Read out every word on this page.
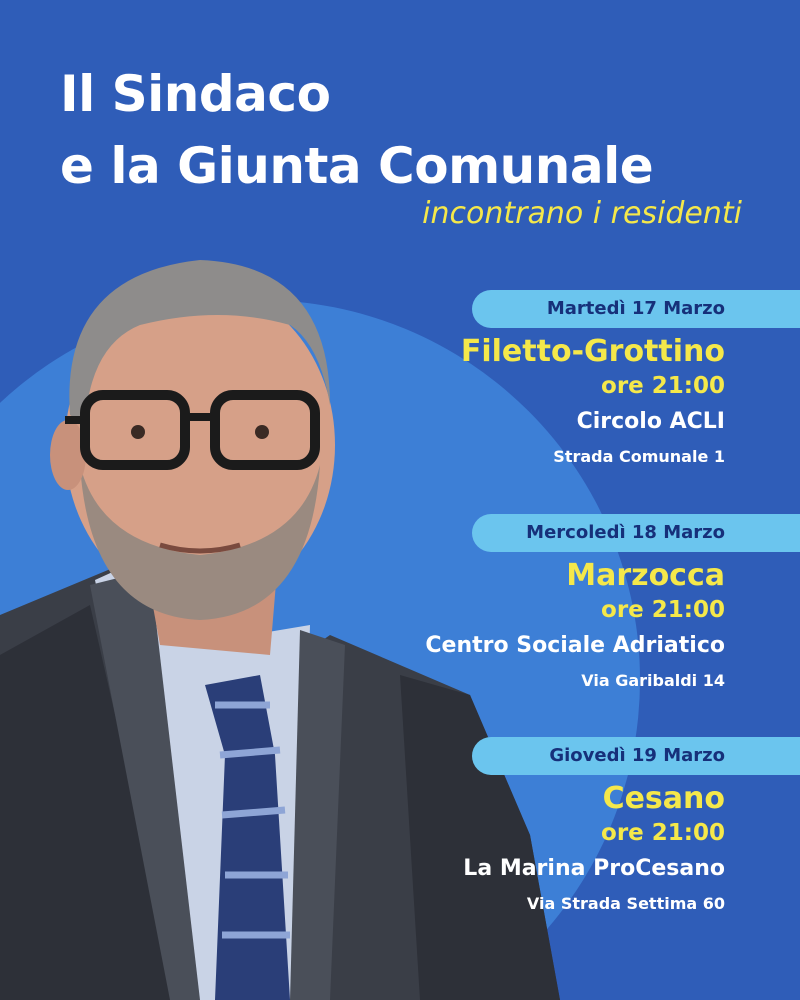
Il Sindaco
e la Giunta Comunale
incontrano i residenti
Martedì 17 Marzo
Filetto-Grottino
ore 21:00
Circolo ACLI
Strada Comunale 1
Mercoledì 18 Marzo
Marzocca
ore 21:00
Centro Sociale Adriatico
Via Garibaldi 14
Giovedì 19 Marzo
Cesano
ore 21:00
La Marina ProCesano
Via Strada Settima 60
